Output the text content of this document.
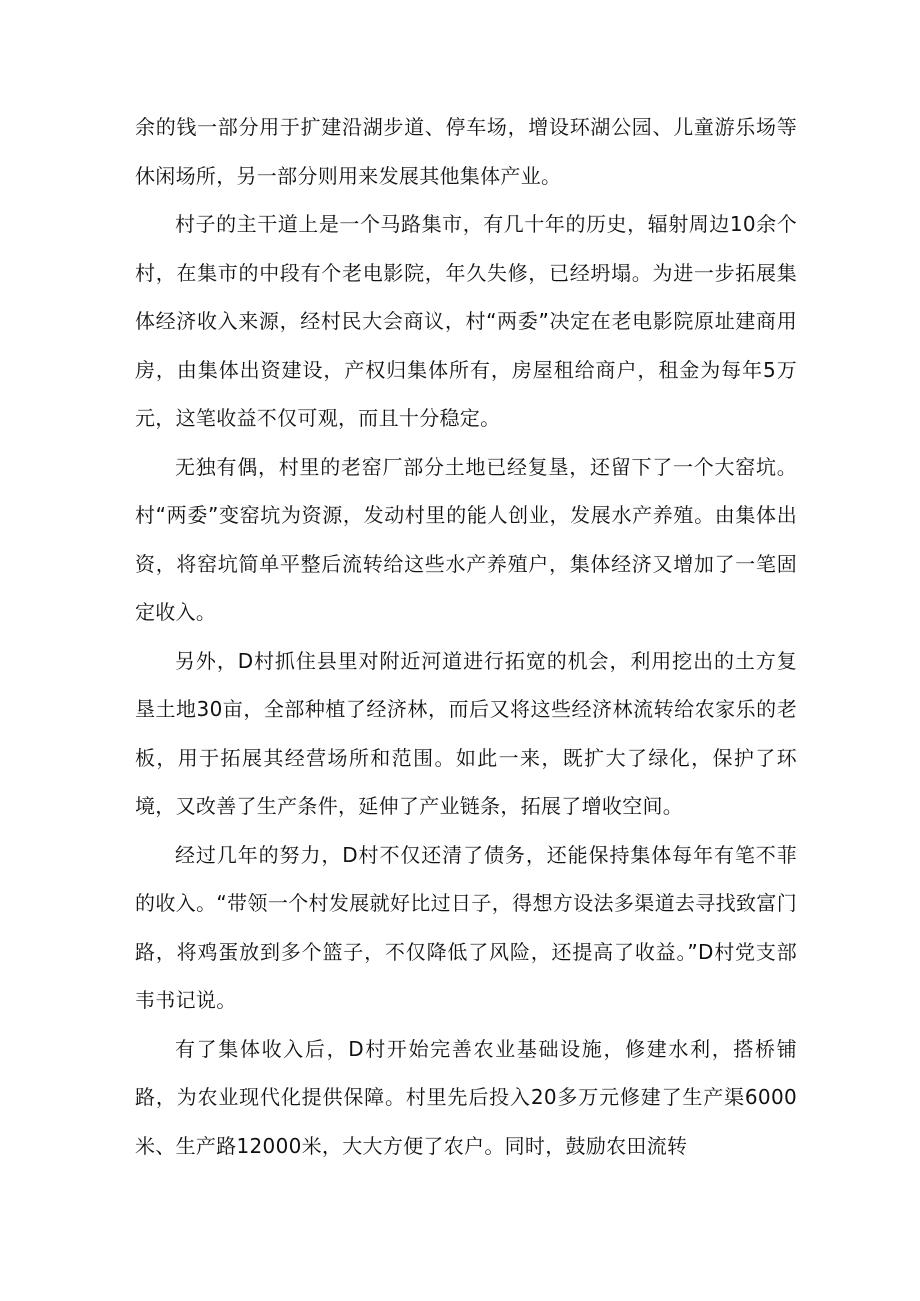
余的钱一部分用于扩建沿湖步道、停车场，增设环湖公园、儿童游乐场等休闲场所，另一部分则用来发展其他集体产业。

村子的主干道上是一个马路集市，有几十年的历史，辐射周边10余个村，在集市的中段有个老电影院，年久失修，已经坍塌。为进一步拓展集体经济收入来源，经村民大会商议，村“两委”决定在老电影院原址建商用房，由集体出资建设，产权归集体所有，房屋租给商户，租金为每年5万元，这笔收益不仅可观，而且十分稳定。

无独有偶，村里的老窑厂部分土地已经复垦，还留下了一个大窑坑。村“两委”变窑坑为资源，发动村里的能人创业，发展水产养殖。由集体出资，将窑坑简单平整后流转给这些水产养殖户，集体经济又增加了一笔固定收入。

另外，D村抓住县里对附近河道进行拓宽的机会，利用挖出的土方复垦土地30亩，全部种植了经济林，而后又将这些经济林流转给农家乐的老板，用于拓展其经营场所和范围。如此一来，既扩大了绿化，保护了环境，又改善了生产条件，延伸了产业链条，拓展了增收空间。

经过几年的努力，D村不仅还清了债务，还能保持集体每年有笔不菲的收入。“带领一个村发展就好比过日子，得想方设法多渠道去寻找致富门路，将鸡蛋放到多个篮子，不仅降低了风险，还提高了收益。”D村党支部韦书记说。

有了集体收入后，D村开始完善农业基础设施，修建水利，搭桥铺路，为农业现代化提供保障。村里先后投入20多万元修建了生产渠6000米、生产路12000米，大大方便了农户。同时，鼓励农田流转
